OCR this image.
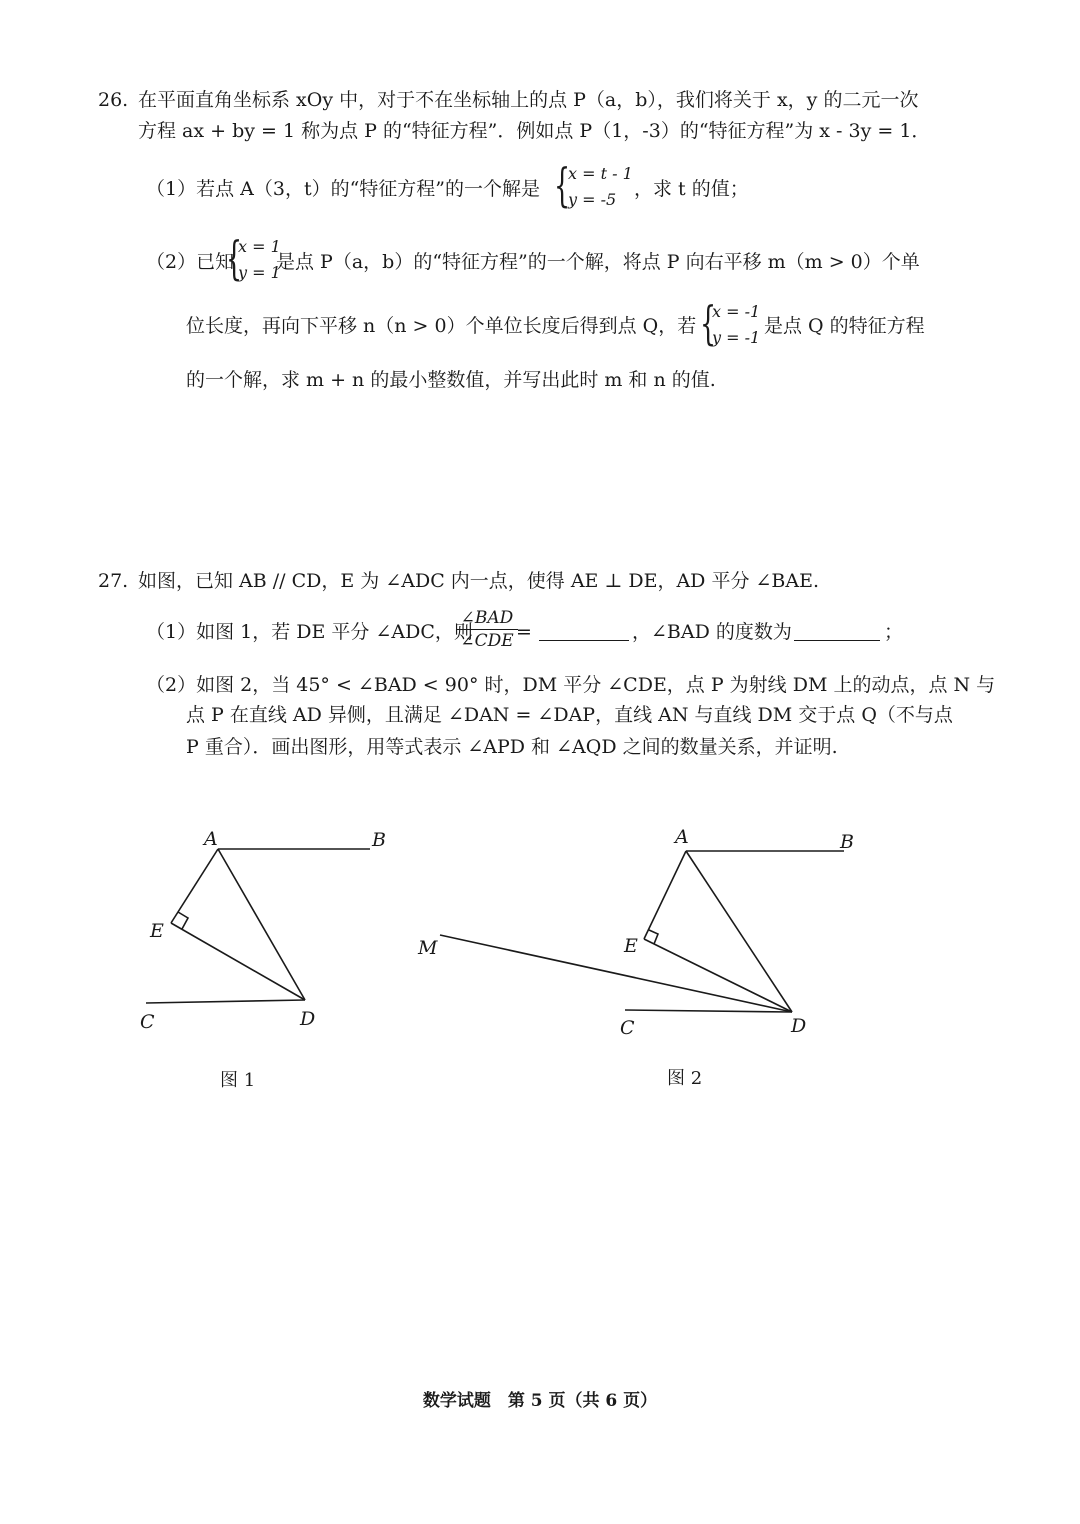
26. 在平面直角坐标系 xOy 中，对于不在坐标轴上的点 P（a，b），我们将关于 x，y 的二元一次
方程 ax + by = 1 称为点 P 的“特征方程”．例如点 P（1，-3）的“特征方程”为 x - 3y = 1．
（1）若点 A（3，t）的“特征方程”的一个解是 {
x = t - 1
y = -5 ，求 t 的值；
（2）已知
{
x = 1
y = 1
是点 P（a，b）的“特征方程”的一个解，将点 P 向右平移 m（m > 0）个单
位长度，再向下平移 n（n > 0）个单位长度后得到点 Q，若 {
x = -1
y = -1
是点 Q 的特征方程
的一个解，求 m + n 的最小整数值，并写出此时 m 和 n 的值.
27. 如图，已知 AB // CD，E 为 ∠ADC 内一点，使得 AE ⊥ DE，AD 平分 ∠BAE.
（1）如图 1，若 DE 平分 ∠ADC，则
∠BAD
∠CDE =	，∠BAD 的度数为	；
（2）如图 2，当 45° < ∠BAD < 90° 时，DM 平分 ∠CDE，点 P 为射线 DM 上的动点，点 N 与
点 P 在直线 AD 异侧，且满足 ∠DAN = ∠DAP，直线 AN 与直线 DM 交于点 Q（不与点
P 重合）．画出图形，用等式表示 ∠APD 和 ∠AQD 之间的数量关系，并证明.
A	B
E
C	D
图 1
A	B
E
C	D
M
图 2
数学试题　第 5 页（共 6 页）
